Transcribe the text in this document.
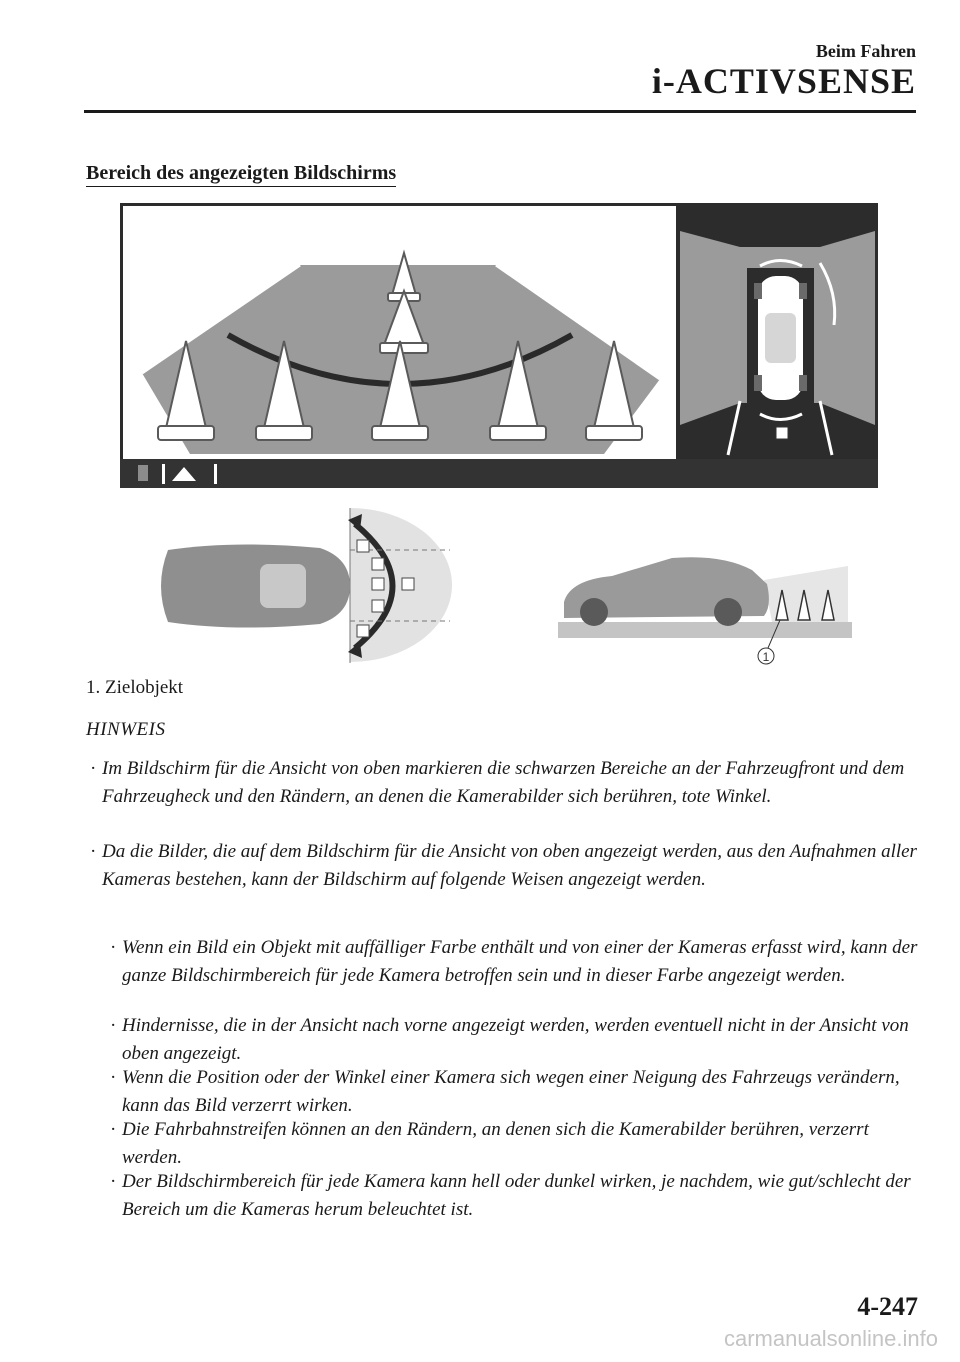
Beim Fahren
i-ACTIVSENSE
Bereich des angezeigten Bildschirms
1
1. Zielobjekt
HINWEIS
· Im Bildschirm für die Ansicht von oben markieren die schwarzen Bereiche an der Fahrzeugfront und dem Fahrzeugheck und den Rändern, an denen die Kamerabilder sich berühren, tote Winkel.
· Da die Bilder, die auf dem Bildschirm für die Ansicht von oben angezeigt werden, aus den Aufnahmen aller Kameras bestehen, kann der Bildschirm auf folgende Weisen angezeigt werden.
· Wenn ein Bild ein Objekt mit auffälliger Farbe enthält und von einer der Kameras erfasst wird, kann der ganze Bildschirmbereich für jede Kamera betroffen sein und in dieser Farbe angezeigt werden.
· Hindernisse, die in der Ansicht nach vorne angezeigt werden, werden eventuell nicht in der Ansicht von oben angezeigt.
· Wenn die Position oder der Winkel einer Kamera sich wegen einer Neigung des Fahrzeugs verändern, kann das Bild verzerrt wirken.
· Die Fahrbahnstreifen können an den Rändern, an denen sich die Kamerabilder berühren, verzerrt werden.
· Der Bildschirmbereich für jede Kamera kann hell oder dunkel wirken, je nachdem, wie gut/schlecht der Bereich um die Kameras herum beleuchtet ist.
4-247
carmanualsonline.info
